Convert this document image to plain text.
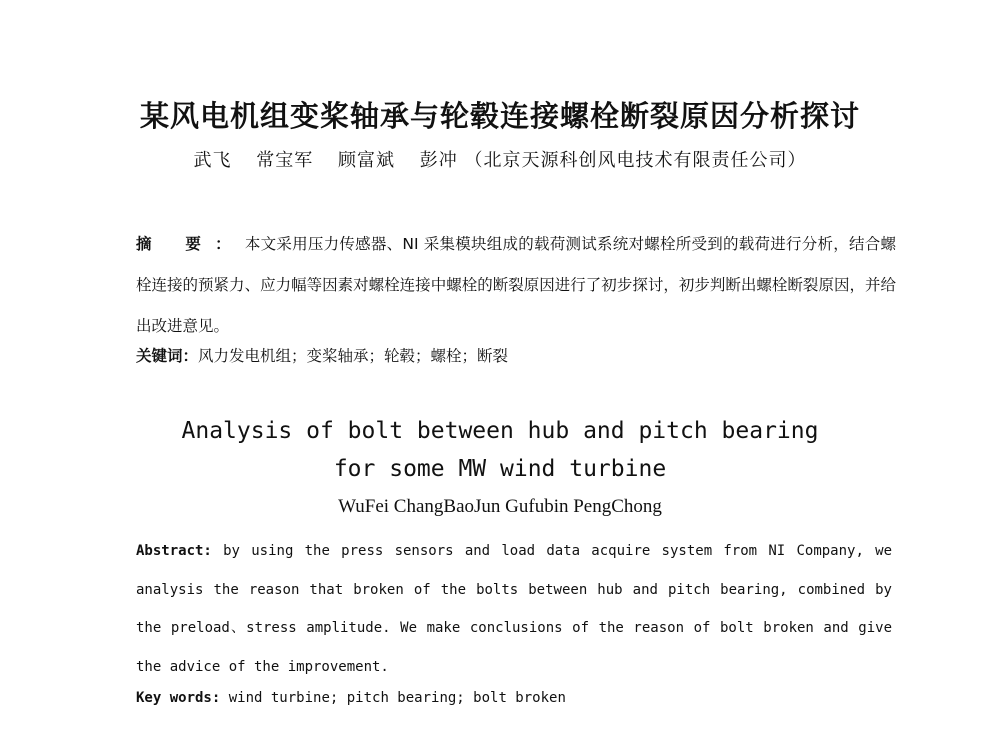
某风电机组变桨轴承与轮毂连接螺栓断裂原因分析探讨
武飞 常宝军 顾富斌 彭冲 （北京天源科创风电技术有限责任公司）
摘 要：本文采用压力传感器、NI 采集模块组成的载荷测试系统对螺栓所受到的载荷进行分析，结合螺栓连接的预紧力、应力幅等因素对螺栓连接中螺栓的断裂原因进行了初步探讨，初步判断出螺栓断裂原因，并给出改进意见。
关键词：风力发电机组；变桨轴承；轮毂；螺栓；断裂
Analysis of bolt between hub and pitch bearing
for some MW wind turbine
WuFei ChangBaoJun Gufubin PengChong
Abstract: by using the press sensors and load data acquire system from NI Company, we analysis the reason that broken of the bolts between hub and pitch bearing, combined by the preload、stress amplitude. We make conclusions of the reason of bolt broken and give the advice of the improvement.
Key words: wind turbine; pitch bearing; bolt broken
